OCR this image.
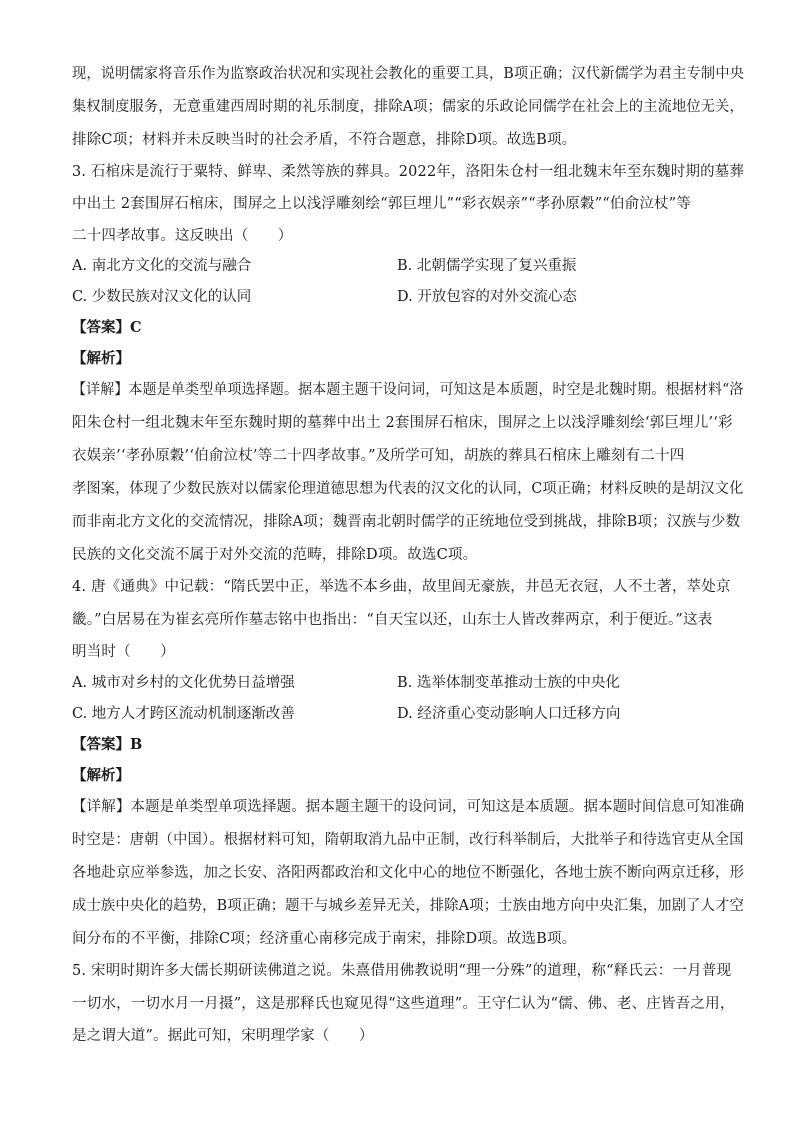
现，说明儒家将音乐作为监察政治状况和实现社会教化的重要工具，B项正确；汉代新儒学为君主专制中央
集权制度服务，无意重建西周时期的礼乐制度，排除A项；儒家的乐政论同儒学在社会上的主流地位无关，
排除C项；材料并未反映当时的社会矛盾，不符合题意，排除D项。故选B项。
3. 石棺床是流行于粟特、鲜卑、柔然等族的葬具。2022年，洛阳朱仓村一组北魏末年至东魏时期的墓葬
中出土 2套围屏石棺床，围屏之上以浅浮雕刻绘“郭巨埋儿”“彩衣娱亲”“孝孙原穀”“伯俞泣杖”等
二十四孝故事。这反映出（　　）
A. 南北方文化的交流与融合	B. 北朝儒学实现了复兴重振
C. 少数民族对汉文化的认同	D. 开放包容的对外交流心态
【答案】C
【解析】
【详解】本题是单类型单项选择题。据本题主题干设问词，可知这是本质题，时空是北魏时期。根据材料“洛
阳朱仓村一组北魏末年至东魏时期的墓葬中出土 2套围屏石棺床，围屏之上以浅浮雕刻绘‘郭巨埋儿’‘彩
衣娱亲’‘孝孙原穀’‘伯俞泣杖’等二十四孝故事。”及所学可知，胡族的葬具石棺床上雕刻有二十四
孝图案，体现了少数民族对以儒家伦理道德思想为代表的汉文化的认同，C项正确；材料反映的是胡汉文化
而非南北方文化的交流情况，排除A项；魏晋南北朝时儒学的正统地位受到挑战，排除B项；汉族与少数
民族的文化交流不属于对外交流的范畴，排除D项。故选C项。
4. 唐《通典》中记载：“隋氏罢中正，举选不本乡曲，故里闾无豪族，井邑无衣冠，人不土著，萃处京
畿。”白居易在为崔玄亮所作墓志铭中也指出：“自天宝以还，山东士人皆改葬两京，利于便近。”这表
明当时（　　）
A. 城市对乡村的文化优势日益增强	B. 选举体制变革推动士族的中央化
C. 地方人才跨区流动机制逐渐改善	D. 经济重心变动影响人口迁移方向
【答案】B
【解析】
【详解】本题是单类型单项选择题。据本题主题干的设问词，可知这是本质题。据本题时间信息可知准确
时空是：唐朝（中国）。根据材料可知，隋朝取消九品中正制，改行科举制后，大批举子和待选官吏从全国
各地赴京应举参选，加之长安、洛阳两都政治和文化中心的地位不断强化，各地士族不断向两京迁移，形
成士族中央化的趋势，B项正确；题干与城乡差异无关，排除A项；士族由地方向中央汇集，加剧了人才空
间分布的不平衡，排除C项；经济重心南移完成于南宋，排除D项。故选B项。
5. 宋明时期许多大儒长期研读佛道之说。朱熹借用佛教说明“理一分殊”的道理，称“释氏云：一月普现
一切水，一切水月一月摄”，这是那释氏也窥见得“这些道理”。王守仁认为“儒、佛、老、庄皆吾之用，
是之谓大道”。据此可知，宋明理学家（　　）
